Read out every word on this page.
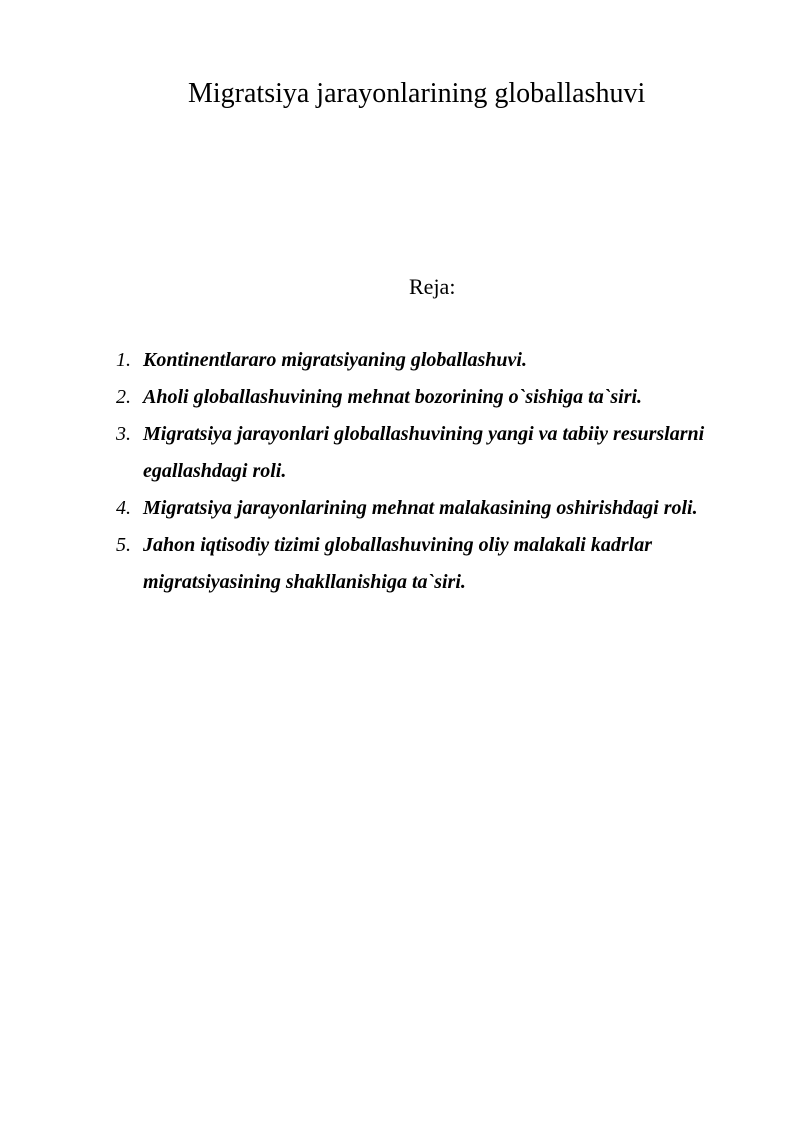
Migratsiya jarayonlarining globallashuvi
Reja:
1. Kontinentlararo migratsiyaning globallashuvi.
2. Aholi globallashuvining mehnat bozorining o`sishiga ta`siri.
3. Migratsiya jarayonlari globallashuvining yangi va tabiiy resurslarni egallashdagi roli.
4. Migratsiya jarayonlarining mehnat malakasining oshirishdagi roli.
5. Jahon iqtisodiy tizimi globallashuvining oliy malakali kadrlar migratsiyasining shakllanishiga ta`siri.
